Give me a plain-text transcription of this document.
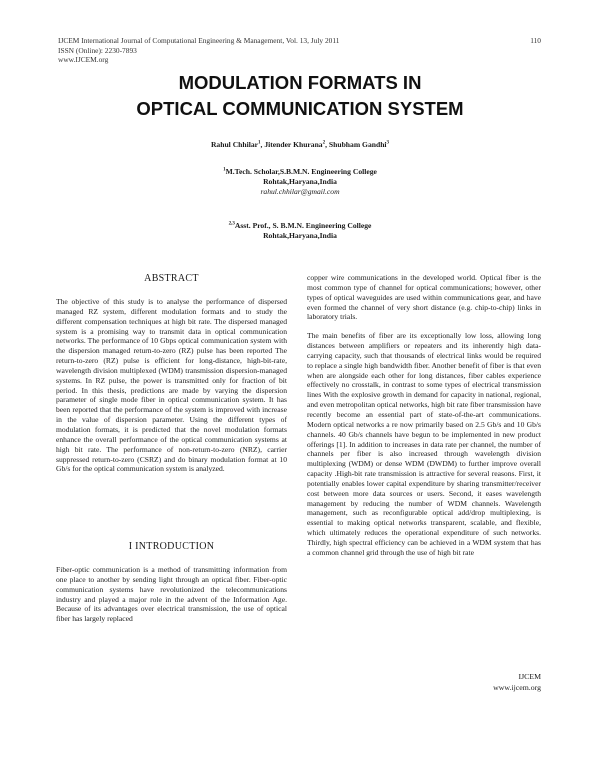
IJCEM International Journal of Computational Engineering & Management, Vol. 13, July 2011
ISSN (Online): 2230-7893
www.IJCEM.org
110
MODULATION FORMATS IN
OPTICAL COMMUNICATION SYSTEM
Rahul Chhilar$^1$, Jitender Khurana$^2$, Shubham Gandhi$^3$
$^1$M.Tech. Scholar,S.B.M.N. Engineering College
Rohtak,Haryana,India
rahul.chhilar@gmail.com
$^{2,3}$Asst. Prof., S. B.M.N. Engineering College
Rohtak,Haryana,India
ABSTRACT

The objective of this study is to analyse the performance of dispersed managed RZ system, different modulation formats and to study the different compensation techniques at high bit rate. The dispersed managed system is a promising way to transmit data in optical communication networks. The performance of 10 Gbps optical communication system with the dispersion managed return-to-zero (RZ) pulse has been reported The return-to-zero (RZ) pulse is efficient for long-distance, high-bit-rate, wavelength division multiplexed (WDM) transmission dispersion-managed systems. In RZ pulse, the power is transmitted only for fraction of bit period. In this thesis, predictions are made by varying the dispersion parameter of single mode fiber in optical communication system. It has been reported that the performance of the system is improved with increase in the value of dispersion parameter. Using the different types of modulation formats, it is predicted that the novel modulation formats enhance the overall performance of the optical communication systems at high bit rate. The performance of non-return-to-zero (NRZ), carrier suppressed return-to-zero (CSRZ) and do binary modulation format at 10 Gb/s for the optical communication system is analyzed.

I INTRODUCTION

Fiber-optic communication is a method of transmitting information from one place to another by sending light through an optical fiber. Fiber-optic communication systems have revolutionized the telecommunications industry and played a major role in the advent of the Information Age. Because of its advantages over electrical transmission, the use of optical fiber has largely replaced

copper wire communications in the developed world. Optical fiber is the most common type of channel for optical communications; however, other types of optical waveguides are used within communications gear, and have even formed the channel of very short distance (e.g. chip-to-chip) links in laboratory trials.

The main benefits of fiber are its exceptionally low loss, allowing long distances between amplifiers or repeaters and its inherently high data-carrying capacity, such that thousands of electrical links would be required to replace a single high bandwidth fiber. Another benefit of fiber is that even when are alongside each other for long distances, fiber cables experience effectively no crosstalk, in contrast to some types of electrical transmission lines With the explosive growth in demand for capacity in national, regional, and even metropolitan optical networks, high bit rate fiber transmission have recently become an essential part of state-of-the-art communications. Modern optical networks a re now primarily based on 2.5 Gb/s and 10 Gb/s channels. 40 Gb/s channels have begun to be implemented in new product offerings [1]. In addition to increases in data rate per channel, the number of channels per fiber is also increased through wavelength division multiplexing (WDM) or dense WDM (DWDM) to further improve overall capacity .High-bit rate transmission is attractive for several reasons. First, it potentially enables lower capital expenditure by sharing transmitter/receiver cost between more data sources or users. Second, it eases wavelength management by reducing the number of WDM channels. Wavelength management, such as reconfigurable optical add/drop multiplexing, is essential to making optical networks transparent, scalable, and flexible, which ultimately reduces the operational expenditure of such networks. Thirdly, high spectral efficiency can be achieved in a WDM system that has a common channel grid through the use of high bit rate

IJCEM
www.ijcem.org
